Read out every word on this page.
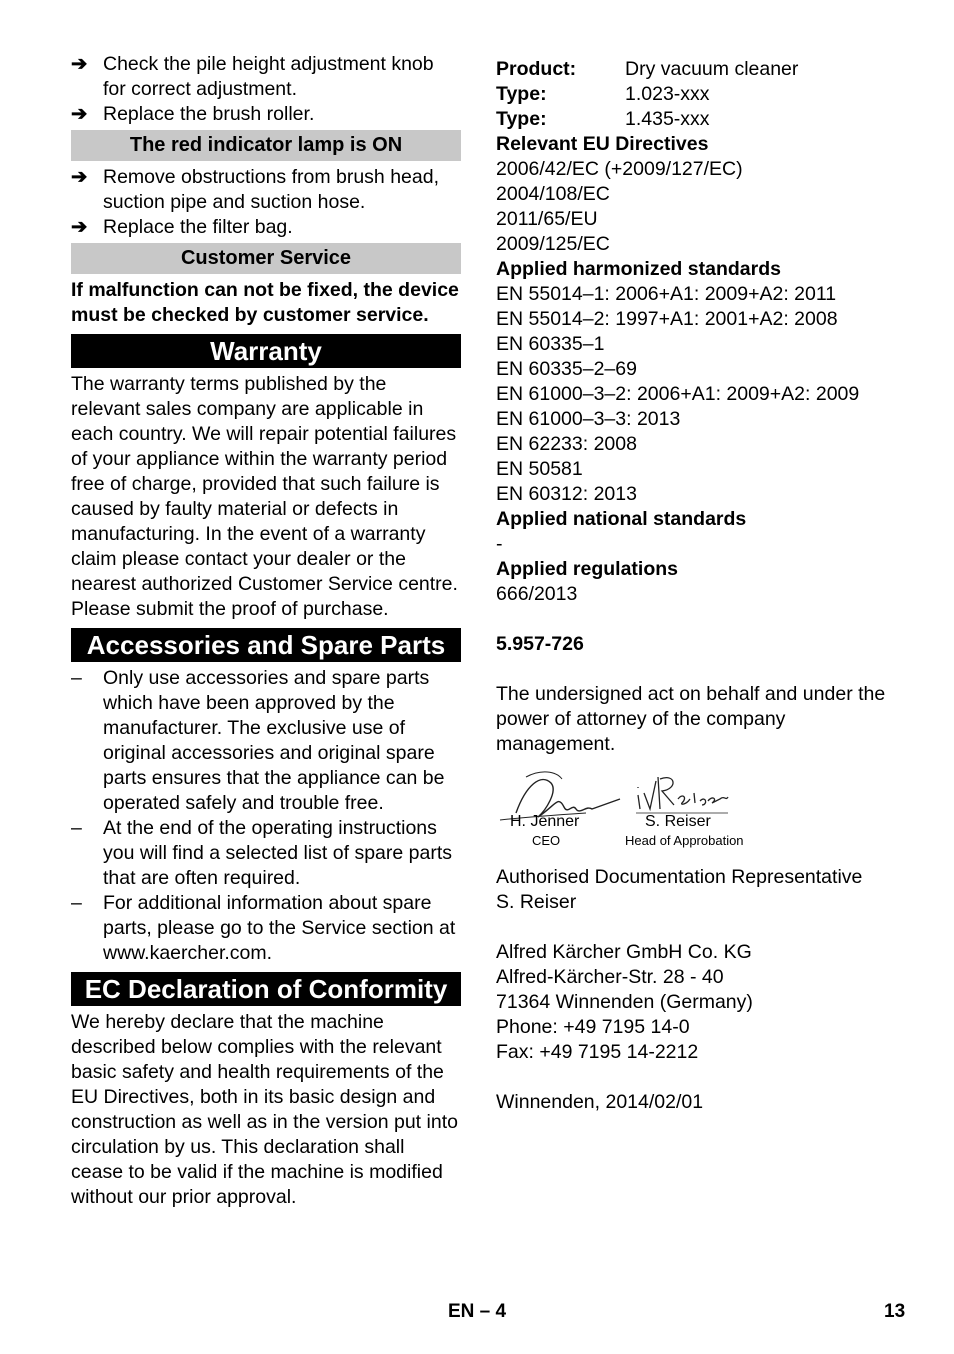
➔ Check the pile height adjustment knob for correct adjustment.
➔ Replace the brush roller.
The red indicator lamp is ON
➔ Remove obstructions from brush head, suction pipe and suction hose.
➔ Replace the filter bag.
Customer Service

If malfunction can not be fixed, the device must be checked by customer service.

Warranty

The warranty terms published by the relevant sales company are applicable in each country. We will repair potential failures of your appliance within the warranty period free of charge, provided that such failure is caused by faulty material or defects in manufacturing. In the event of a warranty claim please contact your dealer or the nearest authorized Customer Service centre. Please submit the proof of purchase.

Accessories and Spare Parts
–	Only use accessories and spare parts which have been approved by the manufacturer. The exclusive use of original accessories and original spare parts ensures that the appliance can be operated safely and trouble free.
–	At the end of the operating instructions you will find a selected list of spare parts that are often required.
–	For additional information about spare parts, please go to the Service section at www.kaercher.com.
EC Declaration of Conformity

We hereby declare that the machine described below complies with the relevant basic safety and health requirements of the EU Directives, both in its basic design and construction as well as in the version put into circulation by us. This declaration shall cease to be valid if the machine is modified without our prior approval.

Product:	Dry vacuum cleaner
Type:	1.023-xxx
Type:	1.435-xxx
Relevant EU Directives
2006/42/EC (+2009/127/EC)
2004/108/EC
2011/65/EU
2009/125/EC
Applied harmonized standards
EN 55014–1: 2006+A1: 2009+A2: 2011
EN 55014–2: 1997+A1: 2001+A2: 2008
EN 60335–1
EN 60335–2–69
EN 61000–3–2: 2006+A1: 2009+A2: 2009
EN 61000–3–3: 2013
EN 62233: 2008
EN 50581
EN 60312: 2013
Applied national standards
-
Applied regulations
666/2013
5.957-726

The undersigned act on behalf and under the power of attorney of the company management.

H. Jenner
CEO
S. Reiser
Head of Approbation
Authorised Documentation Representative
S. Reiser
Alfred Kärcher GmbH Co. KG
Alfred-Kärcher-Str. 28 - 40
71364 Winnenden (Germany)
Phone: +49 7195 14-0
Fax: +49 7195 14-2212
Winnenden, 2014/02/01
EN – 4	13
